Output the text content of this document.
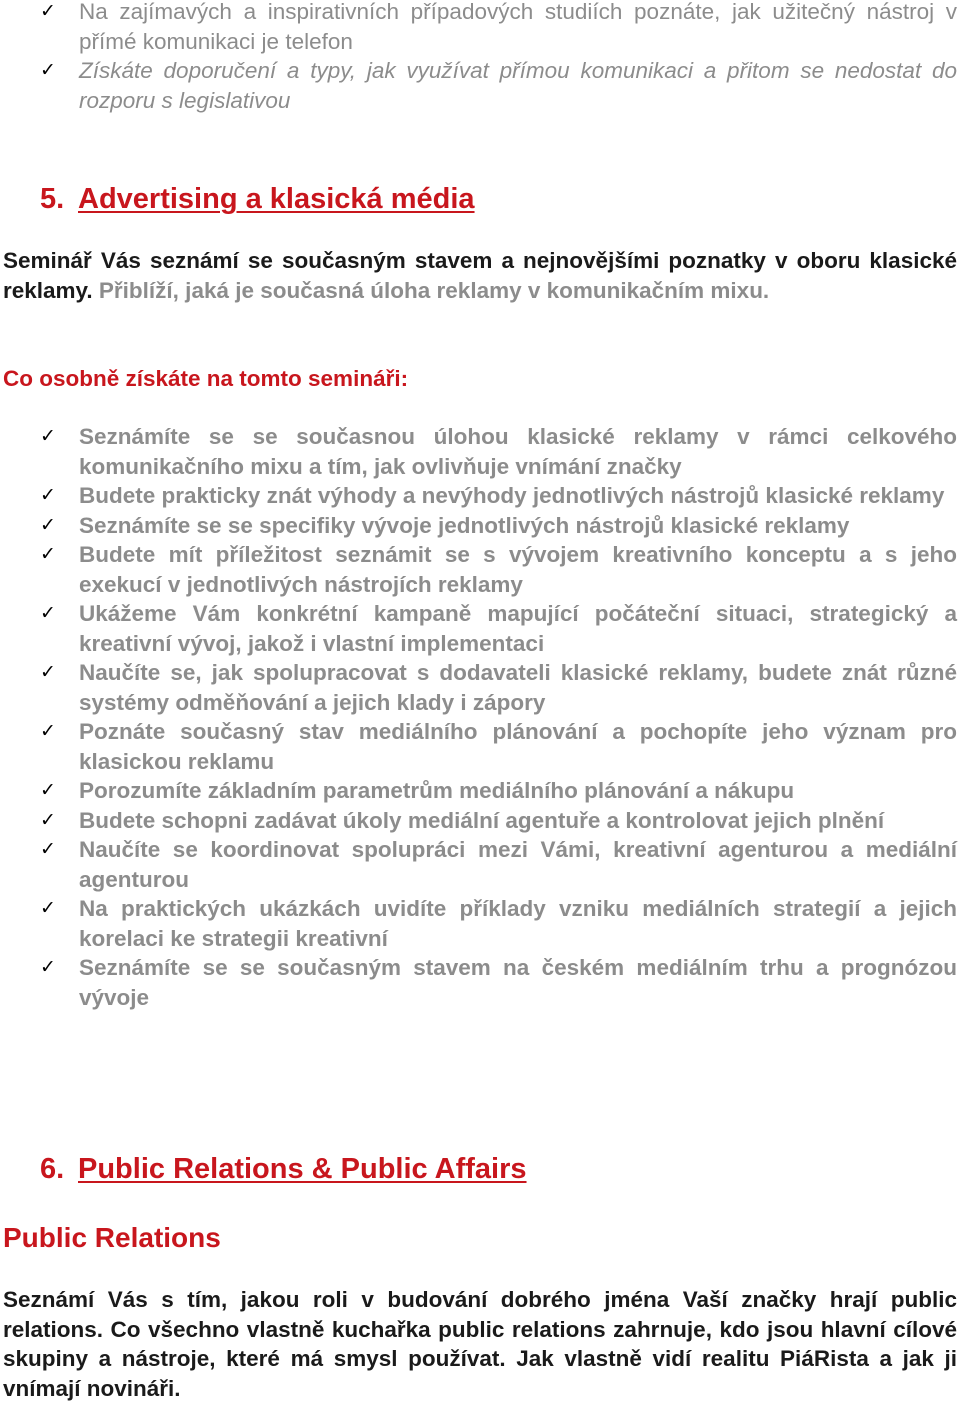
✓	Na zajímavých a inspirativních případových studiích poznáte, jak užitečný nástroj v přímé komunikaci je telefon
✓	Získáte doporučení a typy, jak využívat přímou komunikaci a přitom se nedostat do rozporu s legislativou
5. Advertising a klasická média
Seminář Vás seznámí se současným stavem a nejnovějšími poznatky v oboru klasické reklamy. Přiblíží, jaká je současná úloha reklamy v komunikačním mixu.
Co osobně získáte na tomto semináři:
✓	Seznámíte se se současnou úlohou klasické reklamy v rámci celkového komunikačního mixu a tím, jak ovlivňuje vnímání značky
✓	Budete prakticky znát výhody a nevýhody jednotlivých nástrojů klasické reklamy
✓	Seznámíte se se specifiky vývoje jednotlivých nástrojů klasické reklamy
✓	Budete mít příležitost seznámit se s vývojem kreativního konceptu a s jeho exekucí v jednotlivých nástrojích reklamy
✓	Ukážeme Vám konkrétní kampaně mapující počáteční situaci, strategický a kreativní vývoj, jakož i vlastní implementaci
✓	Naučíte se, jak spolupracovat s dodavateli klasické reklamy, budete znát různé systémy odměňování a jejich klady i zápory
✓	Poznáte současný stav mediálního plánování a pochopíte jeho význam pro klasickou reklamu
✓	Porozumíte základním parametrům mediálního plánování a nákupu
✓	Budete schopni zadávat úkoly mediální agentuře a kontrolovat jejich plnění
✓	Naučíte se koordinovat spolupráci mezi Vámi, kreativní agenturou a mediální agenturou
✓	Na praktických ukázkách uvidíte příklady vzniku mediálních strategií a jejich korelaci ke strategii kreativní
✓	Seznámíte se se současným stavem na českém mediálním trhu a prognózou vývoje
6. Public Relations & Public Affairs
Public Relations
Seznámí Vás s tím, jakou roli v budování dobrého jména Vaší značky hrají public relations. Co všechno vlastně kuchařka public relations zahrnuje, kdo jsou hlavní cílové skupiny a nástroje, které má smysl používat. Jak vlastně vidí realitu PiáRista a jak ji vnímají novináři.
